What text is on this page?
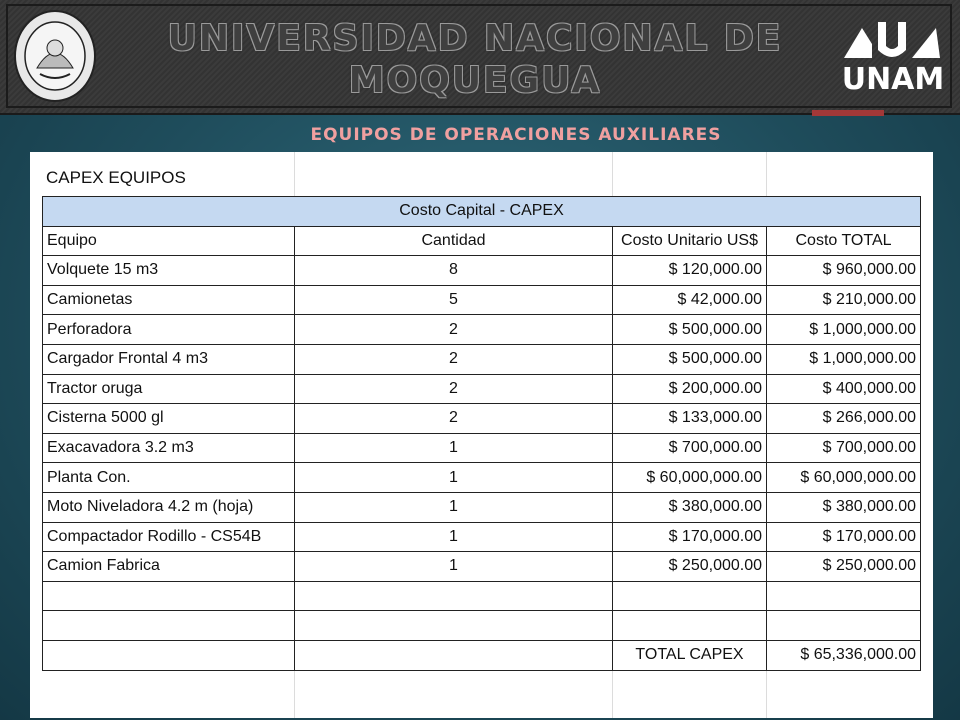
UNIVERSIDAD NACIONAL DE
MOQUEGUA	UNAM
EQUIPOS DE OPERACIONES AUXILIARES
CAPEX EQUIPOS
Costo Capital - CAPEX			
Equipo	Cantidad	Costo Unitario US$	Costo TOTAL
Volquete 15 m3	8	$ 120,000.00	$ 960,000.00
Camionetas	5	$ 42,000.00	$ 210,000.00
Perforadora	2	$ 500,000.00	$ 1,000,000.00
Cargador Frontal 4 m3	2	$ 500,000.00	$ 1,000,000.00
Tractor oruga	2	$ 200,000.00	$ 400,000.00
Cisterna 5000 gl	2	$ 133,000.00	$ 266,000.00
Exacavadora 3.2 m3	1	$ 700,000.00	$ 700,000.00
Planta Con.	1	$ 60,000,000.00	$ 60,000,000.00
Moto Niveladora 4.2 m (hoja)	1	$ 380,000.00	$ 380,000.00
Compactador Rodillo - CS54B	1	$ 170,000.00	$ 170,000.00
Camion Fabrica	1	$ 250,000.00	$ 250,000.00

		TOTAL CAPEX	$ 65,336,000.00
